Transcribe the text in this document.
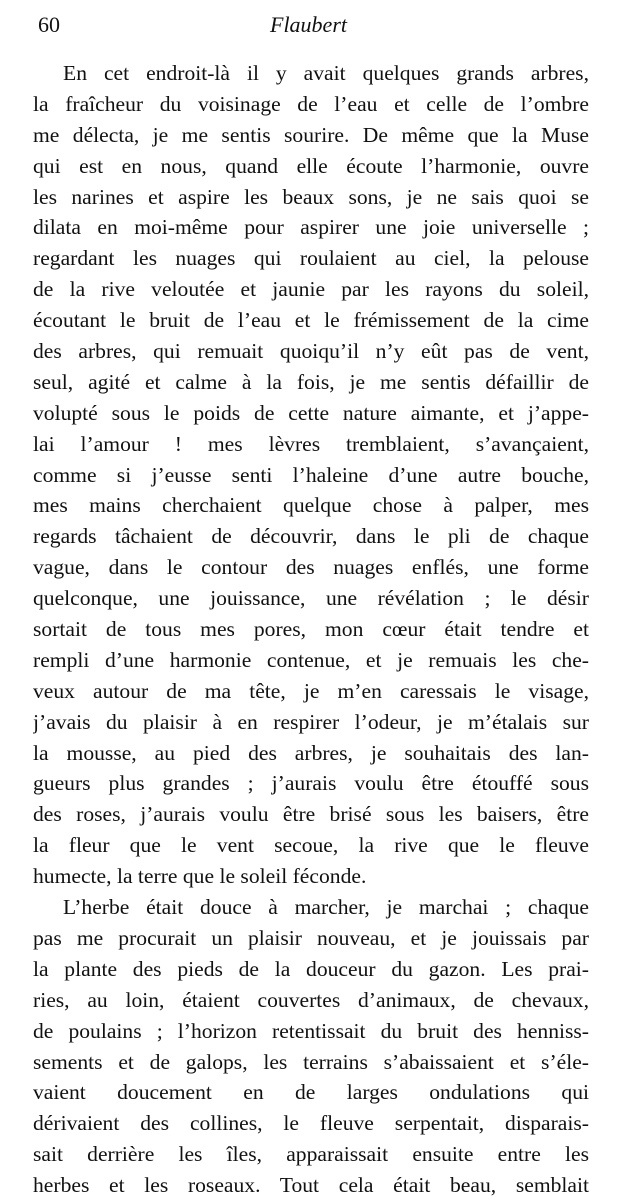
60	Flaubert
En cet endroit-là il y avait quelques grands arbres,
la fraîcheur du voisinage de l’eau et celle de l’ombre
me délecta, je me sentis sourire. De même que la Muse
qui est en nous, quand elle écoute l’harmonie, ouvre
les narines et aspire les beaux sons, je ne sais quoi se
dilata en moi-même pour aspirer une joie universelle ;
regardant les nuages qui roulaient au ciel, la pelouse
de la rive veloutée et jaunie par les rayons du soleil,
écoutant le bruit de l’eau et le frémissement de la cime
des arbres, qui remuait quoiqu’il n’y eût pas de vent,
seul, agité et calme à la fois, je me sentis défaillir de
volupté sous le poids de cette nature aimante, et j’appe-
lai l’amour ! mes lèvres tremblaient, s’avançaient,
comme si j’eusse senti l’haleine d’une autre bouche,
mes mains cherchaient quelque chose à palper, mes
regards tâchaient de découvrir, dans le pli de chaque
vague, dans le contour des nuages enflés, une forme
quelconque, une jouissance, une révélation ; le désir
sortait de tous mes pores, mon cœur était tendre et
rempli d’une harmonie contenue, et je remuais les che-
veux autour de ma tête, je m’en caressais le visage,
j’avais du plaisir à en respirer l’odeur, je m’étalais sur
la mousse, au pied des arbres, je souhaitais des lan-
gueurs plus grandes ; j’aurais voulu être étouffé sous
des roses, j’aurais voulu être brisé sous les baisers, être
la fleur que le vent secoue, la rive que le fleuve
humecte, la terre que le soleil féconde.
L’herbe était douce à marcher, je marchai ; chaque
pas me procurait un plaisir nouveau, et je jouissais par
la plante des pieds de la douceur du gazon. Les prai-
ries, au loin, étaient couvertes d’animaux, de chevaux,
de poulains ; l’horizon retentissait du bruit des henniss-
sements et de galops, les terrains s’abaissaient et s’éle-
vaient doucement en de larges ondulations qui
dérivaient des collines, le fleuve serpentait, disparais-
sait derrière les îles, apparaissait ensuite entre les
herbes et les roseaux. Tout cela était beau, semblait
